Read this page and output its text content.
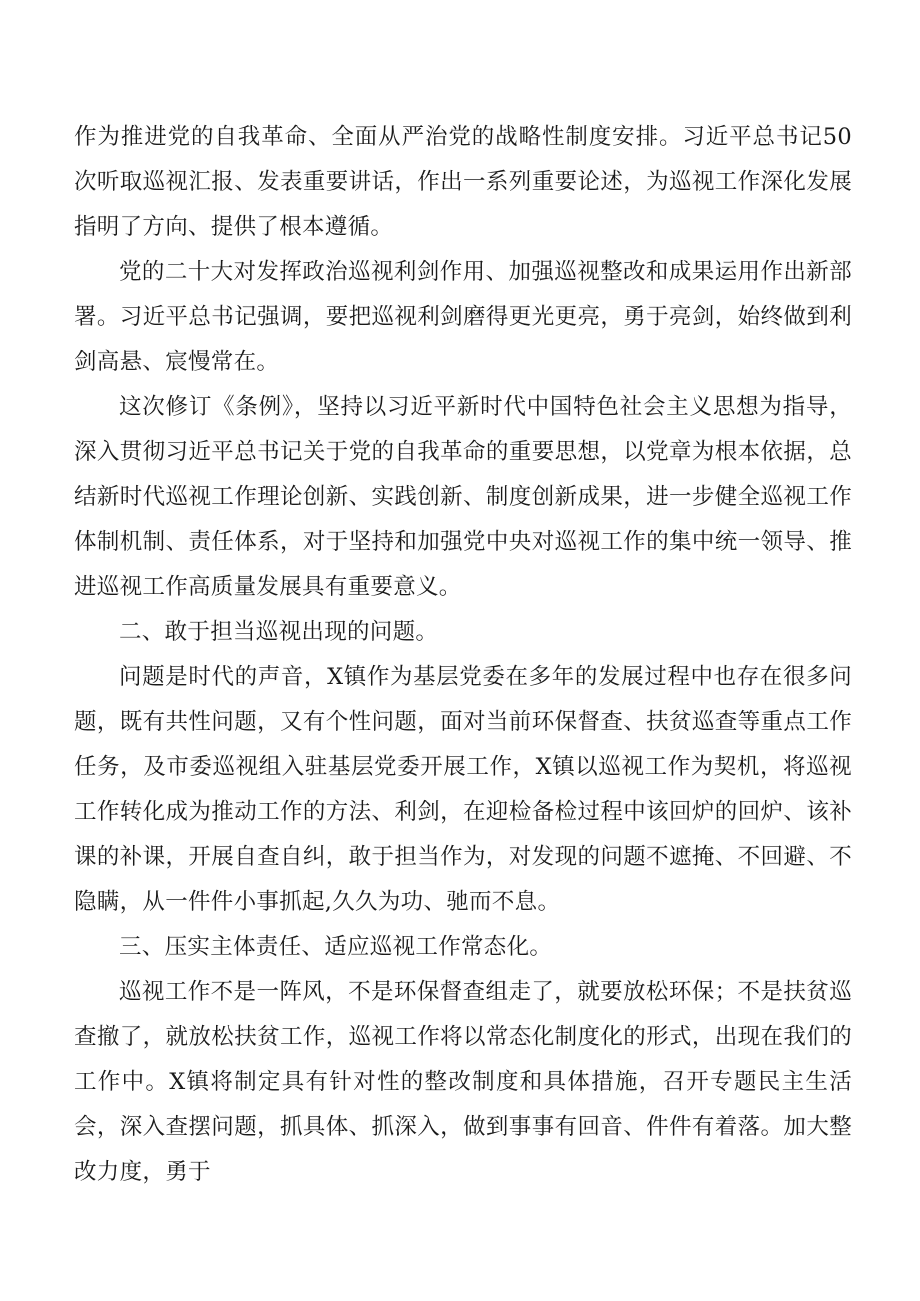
作为推进党的自我革命、全面从严治党的战略性制度安排。习近平总书记50次听取巡视汇报、发表重要讲话，作出一系列重要论述，为巡视工作深化发展指明了方向、提供了根本遵循。

党的二十大对发挥政治巡视利剑作用、加强巡视整改和成果运用作出新部署。习近平总书记强调，要把巡视利剑磨得更光更亮，勇于亮剑，始终做到利剑高悬、宸慢常在。

这次修订《条例》，坚持以习近平新时代中国特色社会主义思想为指导，深入贯彻习近平总书记关于党的自我革命的重要思想，以党章为根本依据，总结新时代巡视工作理论创新、实践创新、制度创新成果，进一步健全巡视工作体制机制、责任体系，对于坚持和加强党中央对巡视工作的集中统一领导、推进巡视工作高质量发展具有重要意义。

二、敢于担当巡视出现的问题。

问题是时代的声音，X镇作为基层党委在多年的发展过程中也存在很多问题，既有共性问题，又有个性问题，面对当前环保督查、扶贫巡查等重点工作任务，及市委巡视组入驻基层党委开展工作，X镇以巡视工作为契机，将巡视工作转化成为推动工作的方法、利剑，在迎检备检过程中该回炉的回炉、该补课的补课，开展自查自纠，敢于担当作为，对发现的问题不遮掩、不回避、不隐瞒，从一件件小事抓起,久久为功、驰而不息。

三、压实主体责任、适应巡视工作常态化。

巡视工作不是一阵风，不是环保督查组走了，就要放松环保；不是扶贫巡查撤了，就放松扶贫工作，巡视工作将以常态化制度化的形式，出现在我们的工作中。X镇将制定具有针对性的整改制度和具体措施，召开专题民主生活会，深入查摆问题，抓具体、抓深入，做到事事有回音、件件有着落。加大整改力度，勇于
